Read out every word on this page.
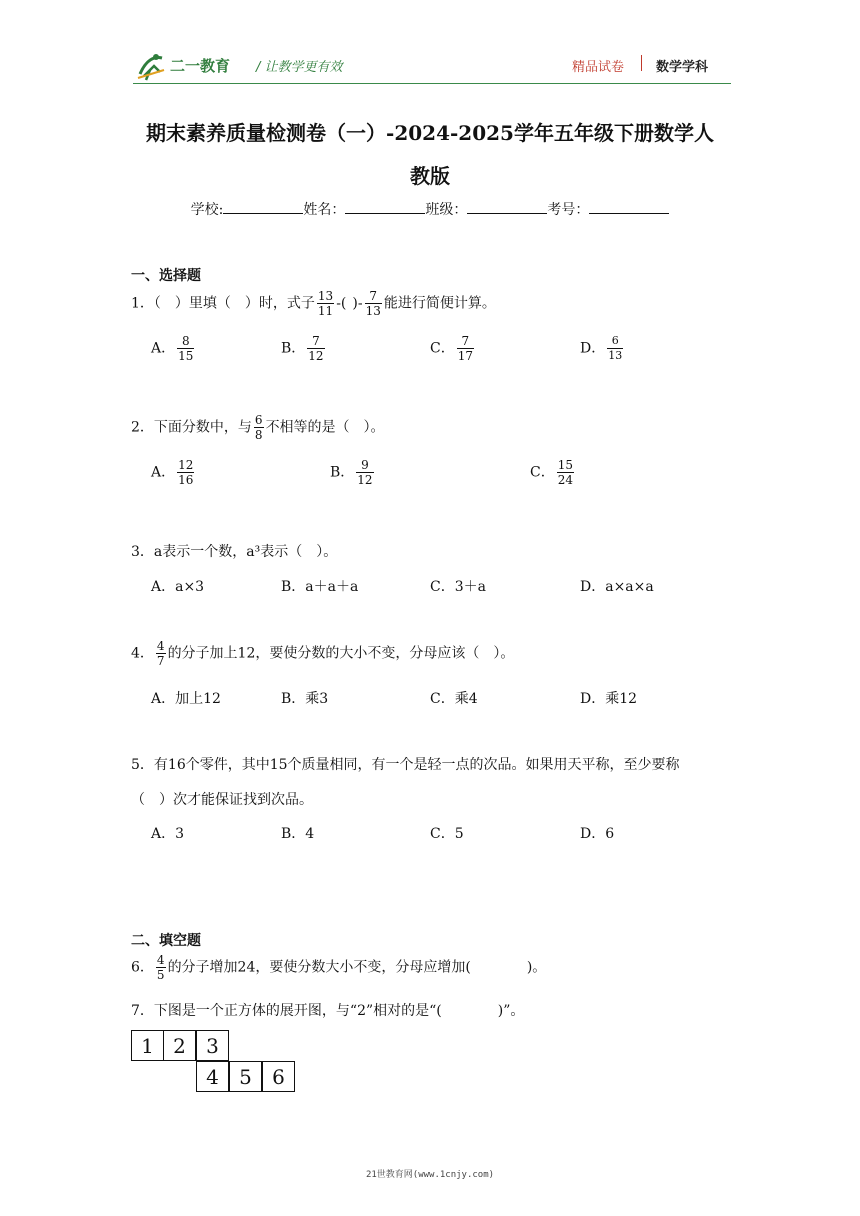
二一教育 / 让教学更有效	精品试卷 数学学科
期末素养质量检测卷（一）-2024-2025学年五年级下册数学人
教版
学校:	姓名：	班级：	考号：
一、选择题
1．（　）里填（　）时，式子 $\frac{13}{11}$ -( )- $\frac{7}{13}$ 能进行简便计算。
A． $\frac{8}{15}$	B． $\frac{7}{12}$	C． $\frac{7}{17}$	D． $\frac{6}{13}$
2．下面分数中，与 $\frac{6}{8}$ 不相等的是（　）。
A． $\frac{12}{16}$	B． $\frac{9}{12}$	C． $\frac{15}{24}$
3．a表示一个数，a³表示（　）。
A．a×3	B．a＋a＋a	C．3＋a	D．a×a×a
4． $\frac{4}{7}$ 的分子加上12，要使分数的大小不变，分母应该（　）。
A．加上12	B．乘3	C．乘4	D．乘12
5．有16个零件，其中15个质量相同，有一个是轻一点的次品。如果用天平称，至少要称
（　）次才能保证找到次品。
A．3	B．4	C．5	D．6
二、填空题
6． $\frac{4}{5}$ 的分子增加24，要使分数大小不变，分母应增加(　　　　)。
7．下图是一个正方体的展开图，与“2”相对的是“(　　　　)”。
1 2	3
4	5	6
21世教育网(www.1cnjy.com)
